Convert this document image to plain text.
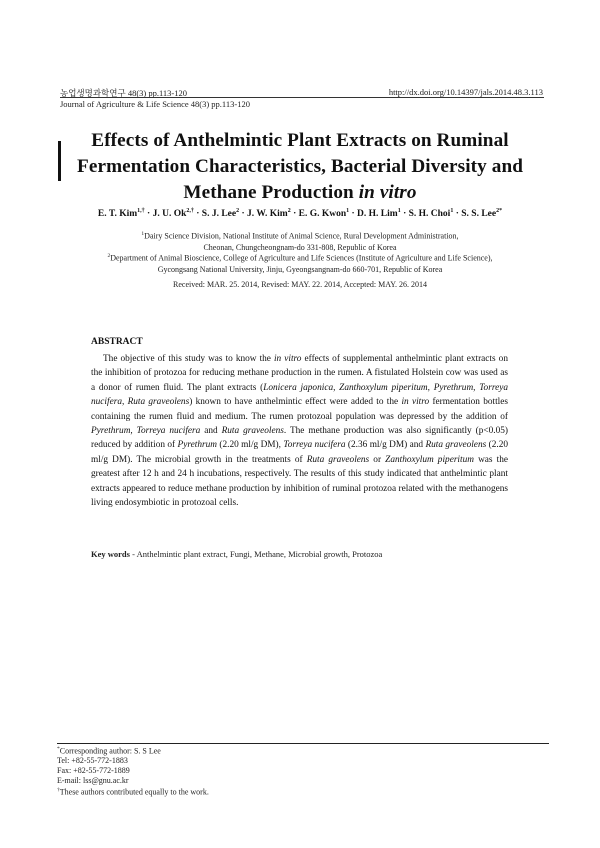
농업생명과학연구 48(3) pp.113-120	http://dx.doi.org/10.14397/jals.2014.48.3.113
Journal of Agriculture & Life Science 48(3) pp.113-120
Effects of Anthelmintic Plant Extracts on Ruminal
Fermentation Characteristics, Bacterial Diversity and
Methane Production in vitro
E. T. Kim$^{1,\dagger}$ · J. U. $Ok^{2,\dagger} \cdot S$. J. Lee$^2$ · J. W. Kim$^2$ · E. G. Kwon$^1$ · D. H. Lim$^1$ · S. H. Choi$^1$ · S. S. Lee$^{2*}$
$^1$Dairy Science Division, National Institute of Animal Science, Rural Development Administration,
Cheonan, Chungcheongnam-do 331-808, Republic of Korea
$^2$Department of Animal Bioscience, College of Agriculture and Life Sciences (Institute of Agriculture and Life Science),
Gycongsang National University, Jinju, Gyeongsangnam-do 660-701, Republic of Korea
Received: MAR. 25. 2014, Revised: MAY. 22. 2014, Accepted: MAY. 26. 2014
ABSTRACT
The objective of this study was to know the in vitro effects of supplemental anthelmintic plant extracts on the inhibition of protozoa for reducing methane production in the rumen. A fistulated Holstein cow was used as a donor of rumen fluid. The plant extracts (Lonicera japonica, Zanthoxylum piperitum, Pyrethrum, Torreya nucifera, Ruta graveolens) known to have anthelmintic effect were added to the in vitro fermentation bottles containing the rumen fluid and medium. The rumen protozoal population was depressed by the addition of Pyrethrum, Torreya nucifera and Ruta graveolens. The methane production was also significantly (p<0.05) reduced by addition of Pyrethrum (2.20 ml/g DM), Torreya nucifera (2.36 ml/g DM) and Ruta graveolens (2.20 ml/g DM). The microbial growth in the treatments of Ruta graveolens or Zanthoxylum piperitum was the greatest after 12 h and 24 h incubations, respectively. The results of this study indicated that anthelmintic plant extracts appeared to reduce methane production by inhibition of ruminal protozoa related with the methanogens living endosymbiotic in protozoal cells.
Key words - Anthelmintic plant extract, Fungi, Methane, Microbial growth, Protozoa
*Corresponding author: S. S Lee
Tel: +82-55-772-1883
Fax: +82-55-772-1889
E-mail: lss@gnu.ac.kr
†These authors contributed equally to the work.
